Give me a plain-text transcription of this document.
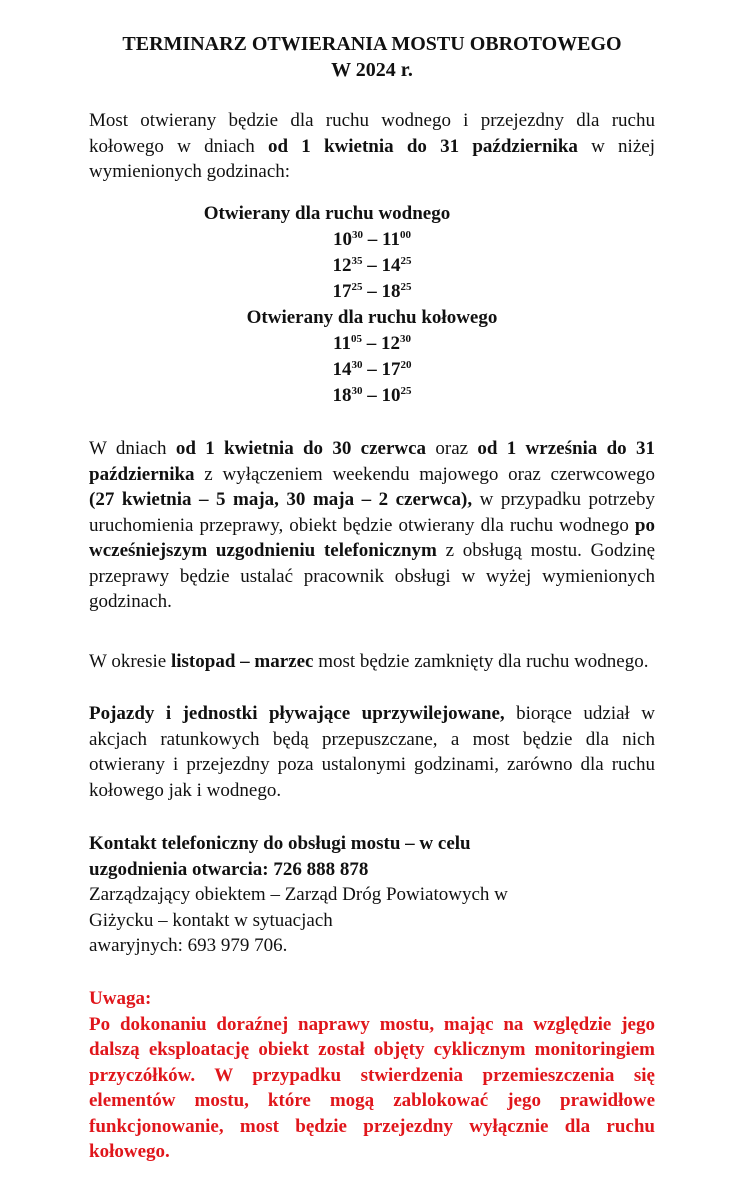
TERMINARZ OTWIERANIA MOSTU OBROTOWEGO
W 2024 r.
Most otwierany będzie dla ruchu wodnego i przejezdny dla ruchu kołowego w dniach od 1 kwietnia do 31 października w niżej wymienionych godzinach:
Otwierany dla ruchu wodnego
$10^{30} - 11^{00}$
$12^{35} - 14^{25}$
$17^{25} - 18^{25}$
Otwierany dla ruchu kołowego
$11^{05} - 12^{30}$
$14^{30} - 17^{20}$
$18^{30} - 10^{25}$
W dniach od 1 kwietnia do 30 czerwca oraz od 1 września do 31 października z wyłączeniem weekendu majowego oraz czerwcowego (27 kwietnia – 5 maja, 30 maja – 2 czerwca), w przypadku potrzeby uruchomienia przeprawy, obiekt będzie otwierany dla ruchu wodnego po wcześniejszym uzgodnieniu telefonicznym z obsługą mostu. Godzinę przeprawy będzie ustalać pracownik obsługi w wyżej wymienionych godzinach.
W okresie listopad – marzec most będzie zamknięty dla ruchu wodnego.
Pojazdy i jednostki pływające uprzywilejowane, biorące udział w akcjach ratunkowych będą przepuszczane, a most będzie dla nich otwierany i przejezdny poza ustalonymi godzinami, zarówno dla ruchu kołowego jak i wodnego.
Kontakt telefoniczny do obsługi mostu – w celu
uzgodnienia otwarcia: 726 888 878
Zarządzający obiektem – Zarząd Dróg Powiatowych w
Giżycku – kontakt w sytuacjach
awaryjnych: 693 979 706.
Uwaga:
Po dokonaniu doraźnej naprawy mostu, mając na względzie jego dalszą eksploatację obiekt został objęty cyklicznym monitoringiem przyczółków. W przypadku stwierdzenia przemieszczenia się elementów mostu, które mogą zablokować jego prawidłowe funkcjonowanie, most będzie przejezdny wyłącznie dla ruchu kołowego.
